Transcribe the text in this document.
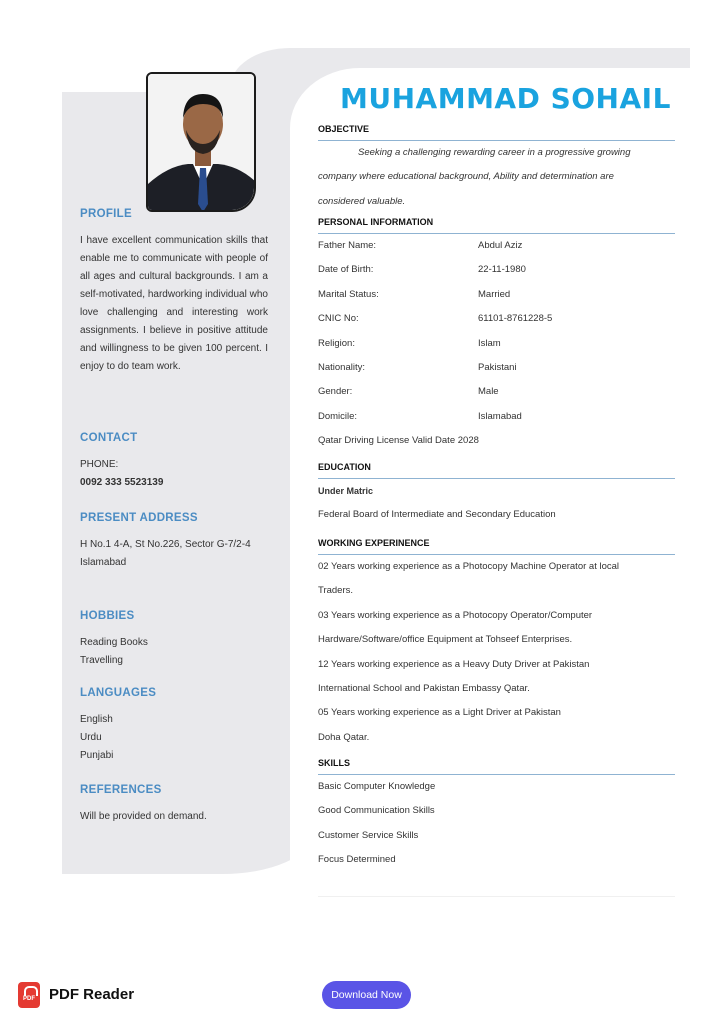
MUHAMMAD SOHAIL
PROFILE
I have excellent communication skills that enable me to communicate with people of all ages and cultural backgrounds. I am a self-motivated, hardworking individual who love challenging and interesting work assignments. I believe in positive attitude and willingness to be given 100 percent. I enjoy to do team work.
CONTACT
PHONE:
0092 333 5523139
PRESENT ADDRESS
H No.1 4-A, St No.226, Sector G-7/2-4 Islamabad
HOBBIES
Reading Books
Travelling
LANGUAGES
English
Urdu
Punjabi
REFERENCES
Will be provided on demand.
OBJECTIVE
Seeking a challenging rewarding career in a progressive growing
company where educational background, Ability and determination are
considered valuable.
PERSONAL INFORMATION
Father Name:	Abdul Aziz
Date of Birth:	22-11-1980
Marital Status:	Married
CNIC No:	61101-8761228-5
Religion:	Islam
Nationality:	Pakistani
Gender:	Male
Domicile:	Islamabad
Qatar Driving License Valid Date 2028
EDUCATION
Under Matric
Federal Board of Intermediate and Secondary Education
WORKING EXPERINENCE
02 Years working experience as a Photocopy Machine Operator at local
Traders.
03 Years working experience as a Photocopy Operator/Computer
Hardware/Software/office Equipment at Tohseef Enterprises.
12 Years working experience as a Heavy Duty Driver at Pakistan
International School and Pakistan Embassy Qatar.
05 Years working experience as a Light Driver at Pakistan
Doha Qatar.
SKILLS
Basic Computer Knowledge
Good Communication Skills
Customer Service Skills
Focus Determined
PDF PDF Reader	Download Now
